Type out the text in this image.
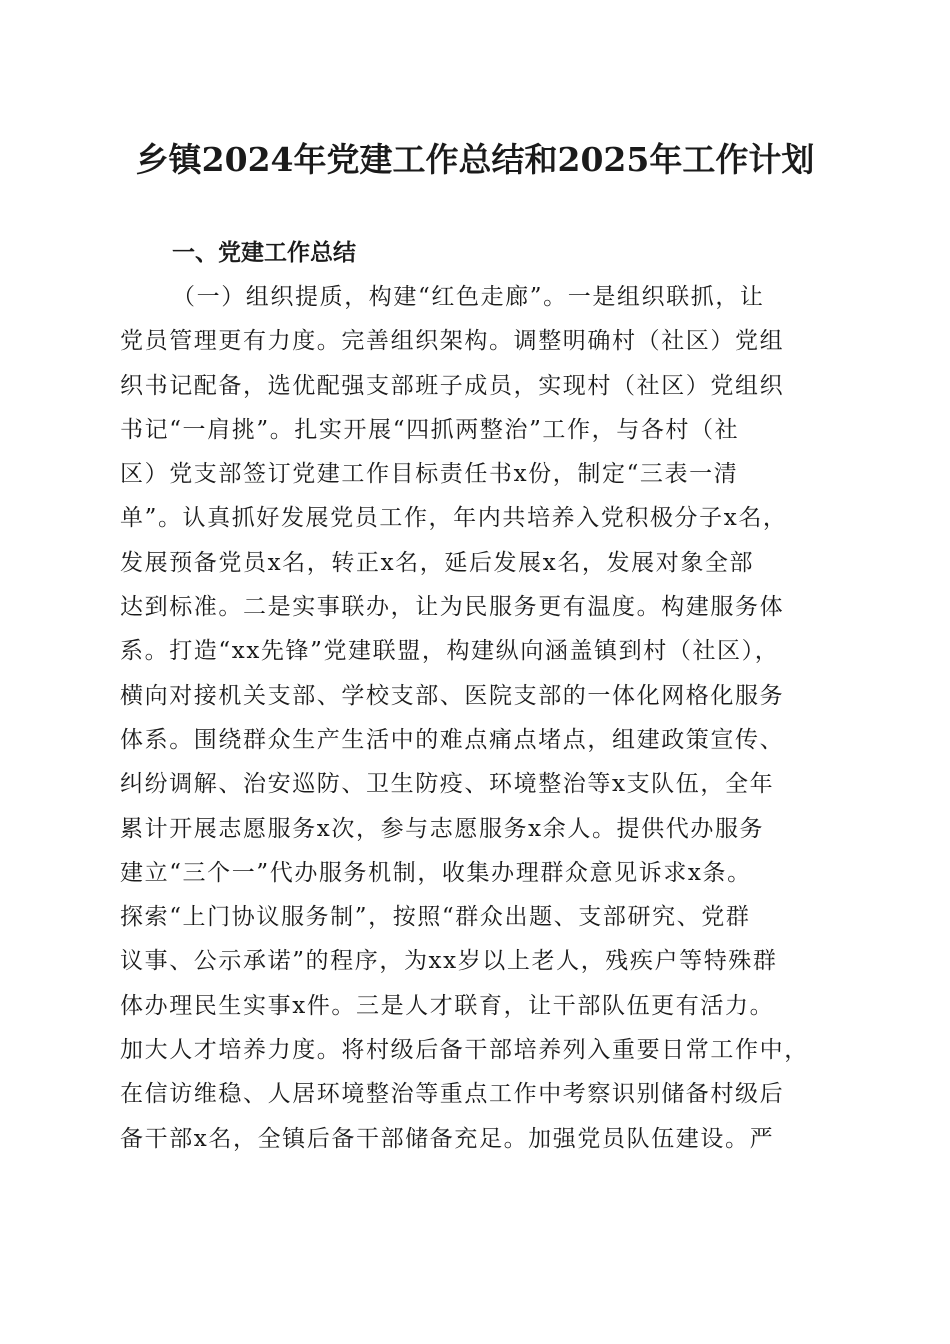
乡镇2024年党建工作总结和2025年工作计划
一、党建工作总结
（一）组织提质，构建“红色走廊”。一是组织联抓，让
党员管理更有力度。完善组织架构。调整明确村（社区）党组
织书记配备，选优配强支部班子成员，实现村（社区）党组织
书记“一肩挑”。扎实开展“四抓两整治”工作，与各村（社
区）党支部签订党建工作目标责任书x份，制定“三表一清
单”。认真抓好发展党员工作，年内共培养入党积极分子x名，
发展预备党员x名，转正x名，延后发展x名，发展对象全部
达到标准。二是实事联办，让为民服务更有温度。构建服务体
系。打造“xx先锋”党建联盟，构建纵向涵盖镇到村（社区），
横向对接机关支部、学校支部、医院支部的一体化网格化服务
体系。围绕群众生产生活中的难点痛点堵点，组建政策宣传、
纠纷调解、治安巡防、卫生防疫、环境整治等x支队伍，全年
累计开展志愿服务x次，参与志愿服务x余人。提供代办服务
建立“三个一”代办服务机制，收集办理群众意见诉求x条。
探索“上门协议服务制”，按照“群众出题、支部研究、党群
议事、公示承诺”的程序，为xx岁以上老人，残疾户等特殊群
体办理民生实事x件。三是人才联育，让干部队伍更有活力。
加大人才培养力度。将村级后备干部培养列入重要日常工作中，
在信访维稳、人居环境整治等重点工作中考察识别储备村级后
备干部x名，全镇后备干部储备充足。加强党员队伍建设。严
